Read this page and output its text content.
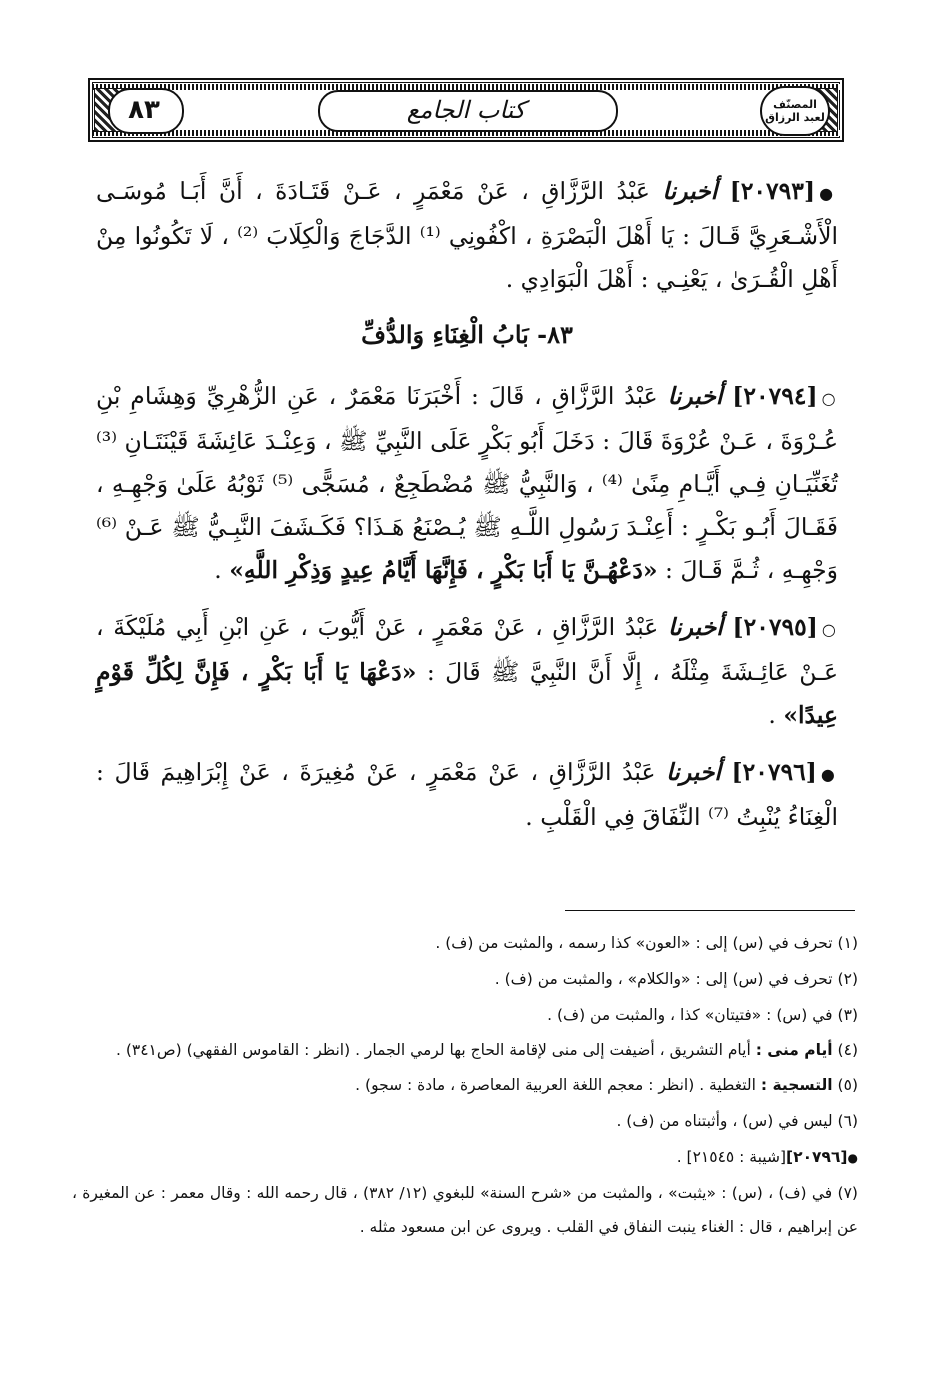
كتاب الجامع
٨٣	المصنّف
لعبد الرزاق

●[٢٠٧٩٣] أخبرنا عَبْدُ الرَّزَّاقِ ، عَنْ مَعْمَرٍ ، عَـنْ قَتَـادَةَ ، أَنَّ أَبَـا مُوسَـى الْأَشْـعَرِيَّ قَـالَ : يَا أَهْلَ الْبَصْرَةِ ، اكْفُونِي ⁽¹⁾ الدَّجَاجَ وَالْكِلَابَ ⁽²⁾ ، لَا تَكُونُوا مِنْ أَهْلِ الْقُـرَىٰ ، يَعْنِـي : أَهْلَ الْبَوَادِي .

٨٣- بَابُ الْغِنَاءِ وَالدُّفِّ

○[٢٠٧٩٤] أخبرنا عَبْدُ الرَّزَّاقِ ، قَالَ : أَخْبَرَنَا مَعْمَرٌ ، عَنِ الزُّهْرِيِّ وَهِشَامِ بْنِ عُـرْوَةَ ، عَـنْ عُرْوَةَ قَالَ : دَخَلَ أَبُو بَكْرٍ عَلَى النَّبِيِّ ﷺ ، وَعِنْـدَ عَائِشَةَ قَيْنَتَـانِ ⁽³⁾ تُغَنِّيَـانِ فِـي أَيَّـامِ مِنًىٰ ⁽⁴⁾ ، وَالنَّبِيُّ ﷺ مُضْطَجِعٌ ، مُسَجًّى ⁽⁵⁾ ثَوْبُهُ عَلَىٰ وَجْهِـهِ ، فَقَـالَ أَبُـو بَكْـرٍ : أَعِنْـدَ رَسُولِ اللَّـهِ ﷺ يُـصْنَعُ هَـذَا؟ فَكَـشَفَ النَّبِـيُّ ﷺ عَـنْ ⁽⁶⁾ وَجْهِـهِ ، ثُـمَّ قَـالَ : «دَعْهُـنَّ يَا أَبَا بَكْرٍ ، فَإِنَّهَا أَيَّامُ عِيدٍ وَذِكْرِ اللَّهِ» .

○[٢٠٧٩٥] أخبرنا عَبْدُ الرَّزَّاقِ ، عَنْ مَعْمَرٍ ، عَنْ أَيُّوبَ ، عَنِ ابْنِ أَبِي مُلَيْكَةَ ، عَـنْ عَائِـشَةَ مِثْلَهُ ، إِلَّا أَنَّ النَّبِيَّ ﷺ قَالَ : «دَعْهَا يَا أَبَا بَكْرٍ ، فَإِنَّ لِكُلِّ قَوْمٍ عِيدًا» .

●[٢٠٧٩٦] أخبرنا عَبْدُ الرَّزَّاقِ ، عَنْ مَعْمَرٍ ، عَنْ مُغِيرَةَ ، عَنْ إِبْرَاهِيمَ قَالَ : الْغِنَاءُ يُنْبِتُ ⁽⁷⁾ النِّفَاقَ فِي الْقَلْبِ .

(١) تحرف في (س) إلى : «العون» كذا رسمه ، والمثبت من (ف) .

(٢) تحرف في (س) إلى : «والكلام» ، والمثبت من (ف) .

(٣) في (س) : «فتيتان» كذا ، والمثبت من (ف) .

(٤) أيام منى : أيام التشريق ، أضيفت إلى منى لإقامة الحاج بها لرمي الجمار . (انظر : القاموس الفقهي) (ص٣٤١) .

(٥) التسجية : التغطية . (انظر : معجم اللغة العربية المعاصرة ، مادة : سجو) .

(٦) ليس في (س) ، وأثبتناه من (ف) .

●[٢٠٧٩٦][شيبة : ٢١٥٤٥] .

(٧) في (ف) ، (س) : «يثبت» ، والمثبت من «شرح السنة» للبغوي (١٢/ ٣٨٢) ، قال رحمه الله : وقال معمر : عن المغيرة ، عن إبراهيم ، قال : الغناء ينبت النفاق في القلب . ويروى عن ابن مسعود مثله .
